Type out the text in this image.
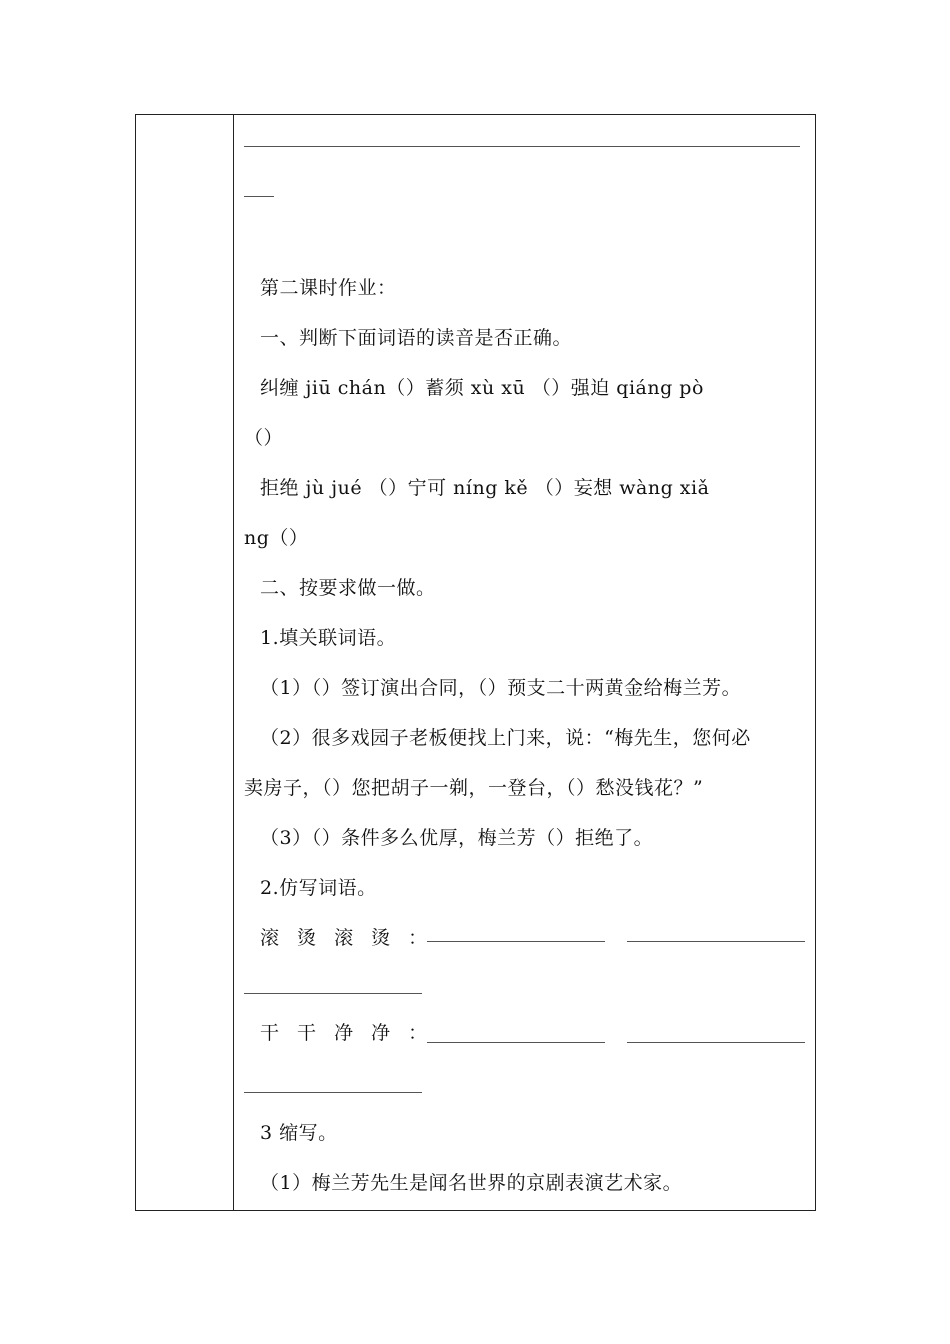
第二课时作业：
一、判断下面词语的读音是否正确。
纠缠 jiū chán（）蓄须 xù xū （）强迫 qiáng pò
（）
拒绝 jù jué （）宁可 níng kě （）妄想 wàng xiǎ
ng（）
二、按要求做一做。
1.填关联词语。
（1）（）签订演出合同，（）预支二十两黄金给梅兰芳。
（2）很多戏园子老板便找上门来，说：“梅先生，您何必
卖房子，（）您把胡子一剃，一登台，（）愁没钱花？”
（3）（）条件多么优厚，梅兰芳（）拒绝了。
2.仿写词语。
滚 烫 滚 烫 ：
干 干 净 净 ：
3 缩写。
（1）梅兰芳先生是闻名世界的京剧表演艺术家。
